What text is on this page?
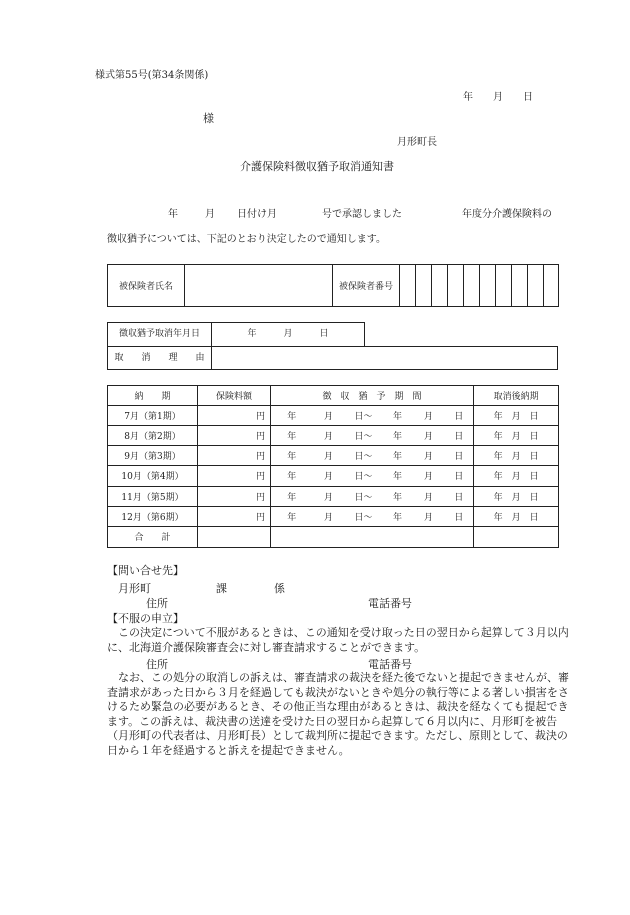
様式第55号(第34条関係)
年　　月　　日
様
月形町長
介護保険料徴収猶予取消通知書
年	月 日付け月	号で承認しました	年度分介護保険料の
徴収猶予については、下記のとおり決定したので通知します。
被保険者氏名		被保険者番号										
徴収猶予取消年月日	年　　　月　　　日
取　　消　　理　　由
納　　期	保険料額	徴　収　猶　予　期　間						取消後納期
7月（第1期）	円	年	月	日～	年	月	日	年　月　日
8月（第2期）	円	年	月	日～	年	月	日	年　月　日
9月（第3期）	円	年	月	日～	年	月	日	年　月　日
10月（第4期）	円	年	月	日～	年	月	日	年　月　日
11月（第5期）	円	年	月	日～	年	月	日	年　月　日
12月（第6期）	円	年	月	日～	年	月	日	年　月　日
合　　計								
【問い合せ先】
月形町	課	係
住所	電話番号
【不服の申立】
この決定について不服があるときは、この通知を受け取った日の翌日から起算して３月以内に、北海道介護保険審査会に対し審査請求することができます。
住所	電話番号
なお、この処分の取消しの訴えは、審査請求の裁決を経た後でないと提起できませんが、審査請求があった日から３月を経過しても裁決がないときや処分の執行等による著しい損害をさけるため緊急の必要があるとき、その他正当な理由があるときは、裁決を経なくても提起できます。この訴えは、裁決書の送達を受けた日の翌日から起算して６月以内に、月形町を被告（月形町の代表者は、月形町長）として裁判所に提起できます。ただし、原則として、裁決の日から１年を経過すると訴えを提起できません。
